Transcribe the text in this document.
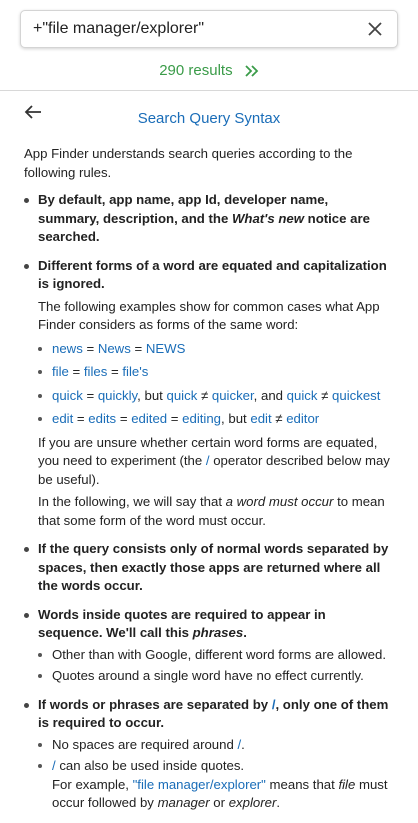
+"file manager/explorer"
290 results
Search Query Syntax

App Finder understands search queries according to the following rules.

By default, app name, app Id, developer name, summary, description, and the What's new notice are searched.
Different forms of a word are equated and capitalization is ignored.
The following examples show for common cases what App Finder considers as forms of the same word:
news = News = NEWS
file = files = file's
quick = quickly, but quick ≠ quicker, and quick ≠ quickest
edit = edits = edited = editing, but edit ≠ editor
If you are unsure whether certain word forms are equated, you need to experiment (the / operator described below may be useful).
In the following, we will say that a word must occur to mean that some form of the word must occur.
If the query consists only of normal words separated by spaces, then exactly those apps are returned where all the words occur.
Words inside quotes are required to appear in sequence. We'll call this phrases.
Other than with Google, different word forms are allowed.
Quotes around a single word have no effect currently.
If words or phrases are separated by /, only one of them is required to occur.
No spaces are required around /.
/ can also be used inside quotes.
For example, "file manager/explorer" means that file must occur followed by manager or explorer.
